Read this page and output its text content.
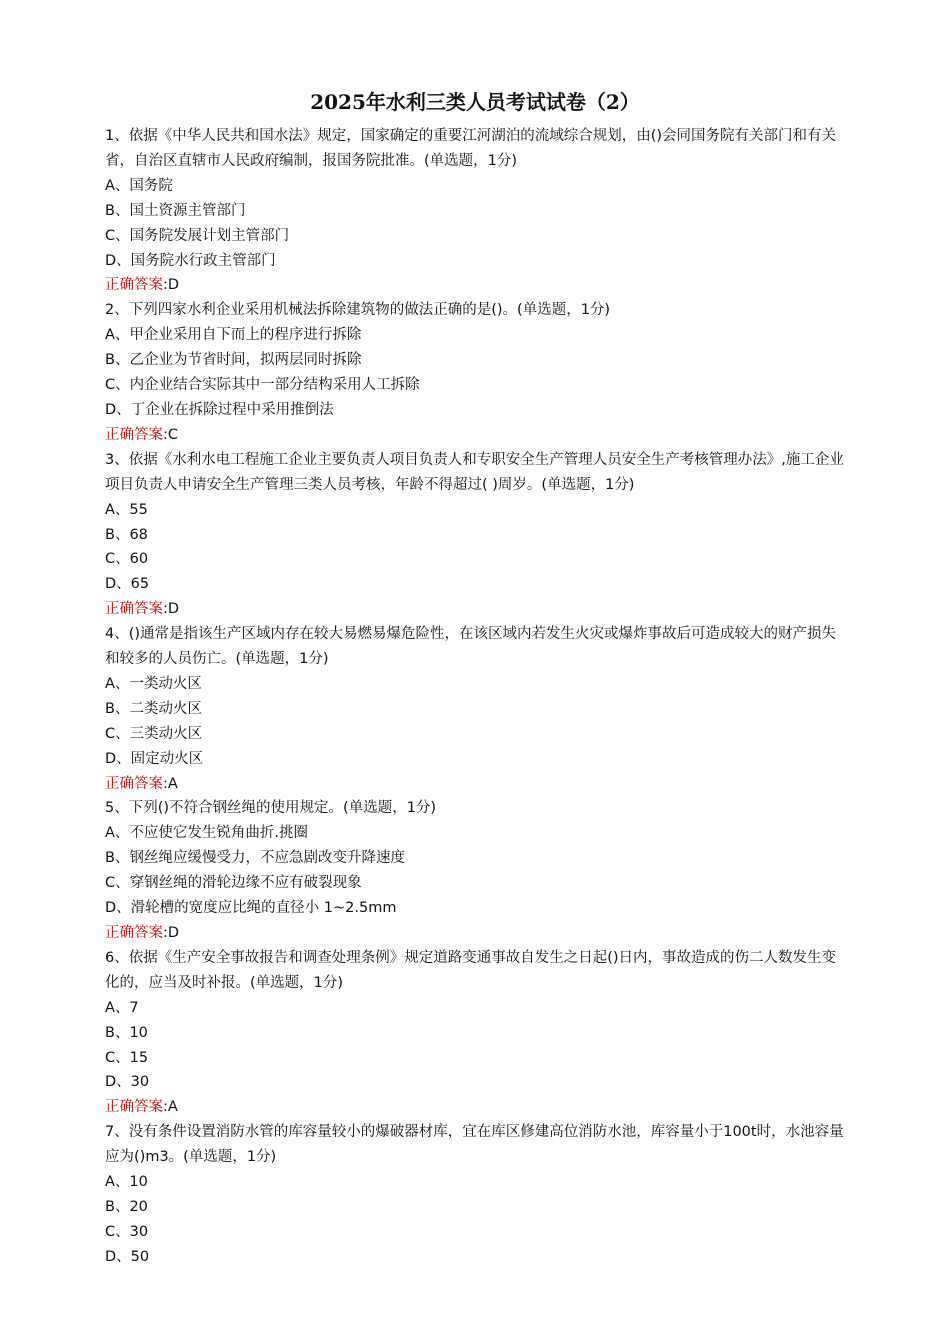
2025年水利三类人员考试试卷（2）
1、依据《中华人民共和国水法》规定，国家确定的重要江河湖泊的流域综合规划，由()会同国务院有关部门和有关省，自治区直辖市人民政府编制，报国务院批准。(单选题，1分)
A、国务院
B、国土资源主管部门
C、国务院发展计划主管部门
D、国务院水行政主管部门
正确答案:D
2、下列四家水利企业采用机械法拆除建筑物的做法正确的是()。(单选题，1分)
A、甲企业采用自下而上的程序进行拆除
B、乙企业为节省时间，拟两层同时拆除
C、内企业结合实际其中一部分结构采用人工拆除
D、丁企业在拆除过程中采用推倒法
正确答案:C
3、依据《水利水电工程施工企业主要负责人项目负责人和专职安全生产管理人员安全生产考核管理办法》,施工企业项目负责人申请安全生产管理三类人员考核，年龄不得超过( )周岁。(单选题，1分)
A、55
B、68
C、60
D、65
正确答案:D
4、()通常是指该生产区域内存在较大易燃易爆危险性，在该区域内若发生火灾或爆炸事故后可造成较大的财产损失和较多的人员伤亡。(单选题，1分)
A、一类动火区
B、二类动火区
C、三类动火区
D、固定动火区
正确答案:A
5、下列()不符合钢丝绳的使用规定。(单选题，1分)
A、不应使它发生锐角曲折.挑圈
B、钢丝绳应缓慢受力，不应急剧改变升降速度
C、穿钢丝绳的滑轮边缘不应有破裂现象
D、滑轮槽的宽度应比绳的直径小 1~2.5mm
正确答案:D
6、依据《生产安全事故报告和调查处理条例》规定道路变通事故自发生之日起()日内，事故造成的伤二人数发生变化的，应当及时补报。(单选题，1分)
A、7
B、10
C、15
D、30
正确答案:A
7、没有条件设置消防水管的库容量较小的爆破器材库，宜在库区修建高位消防水池，库容量小于100t时，水池容量应为()m3。(单选题，1分)
A、10
B、20
C、30
D、50
